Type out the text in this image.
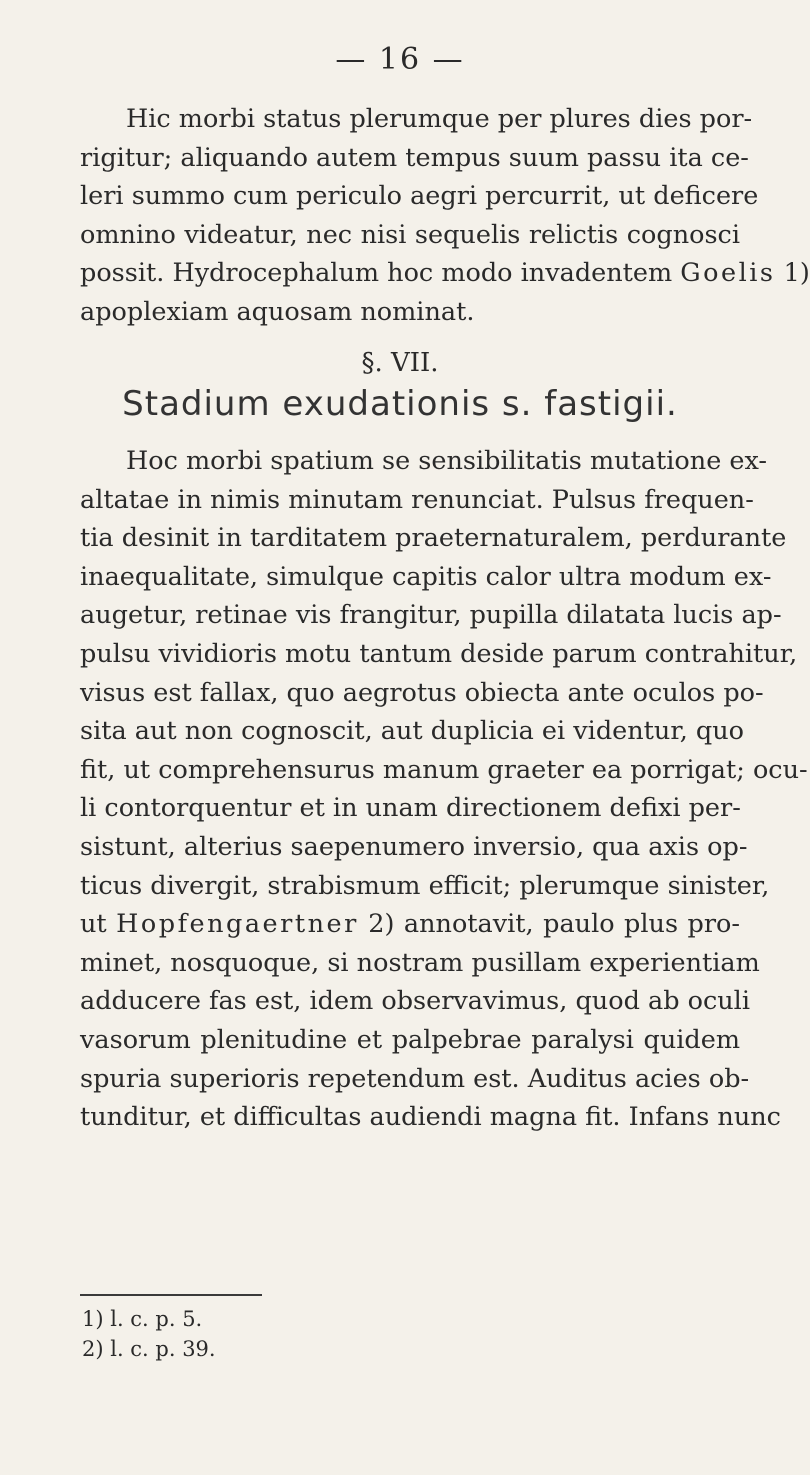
— 16 —
Hic morbi status plerumque per plures dies por-
rigitur; aliquando autem tempus suum passu ita ce-
leri summo cum periculo aegri percurrit, ut deficere
omnino videatur, nec nisi sequelis relictis cognosci
possit. Hydrocephalum hoc modo invadentem Goelis 1)
apoplexiam aquosam nominat.
§. VII.
Stadium exudationis s. fastigii.
Hoc morbi spatium se sensibilitatis mutatione ex-
altatae in nimis minutam renunciat. Pulsus frequen-
tia desinit in tarditatem praeternaturalem, perdurante
inaequalitate, simulque capitis calor ultra modum ex-
augetur, retinae vis frangitur, pupilla dilatata lucis ap-
pulsu vividioris motu tantum deside parum contrahitur,
visus est fallax, quo aegrotus obiecta ante oculos po-
sita aut non cognoscit, aut duplicia ei videntur, quo
fit, ut comprehensurus manum graeter ea porrigat; ocu-
li contorquentur et in unam directionem defixi per-
sistunt, alterius saepenumero inversio, qua axis op-
ticus divergit, strabismum efficit; plerumque sinister,
ut Hopfengaertner 2) annotavit, paulo plus pro-
minet, nosquoque, si nostram pusillam experientiam
adducere fas est, idem observavimus, quod ab oculi
vasorum plenitudine et palpebrae paralysi quidem
spuria superioris repetendum est. Auditus acies ob-
tunditur, et difficultas audiendi magna fit. Infans nunc
1) l. c. p. 5.
2) l. c. p. 39.
